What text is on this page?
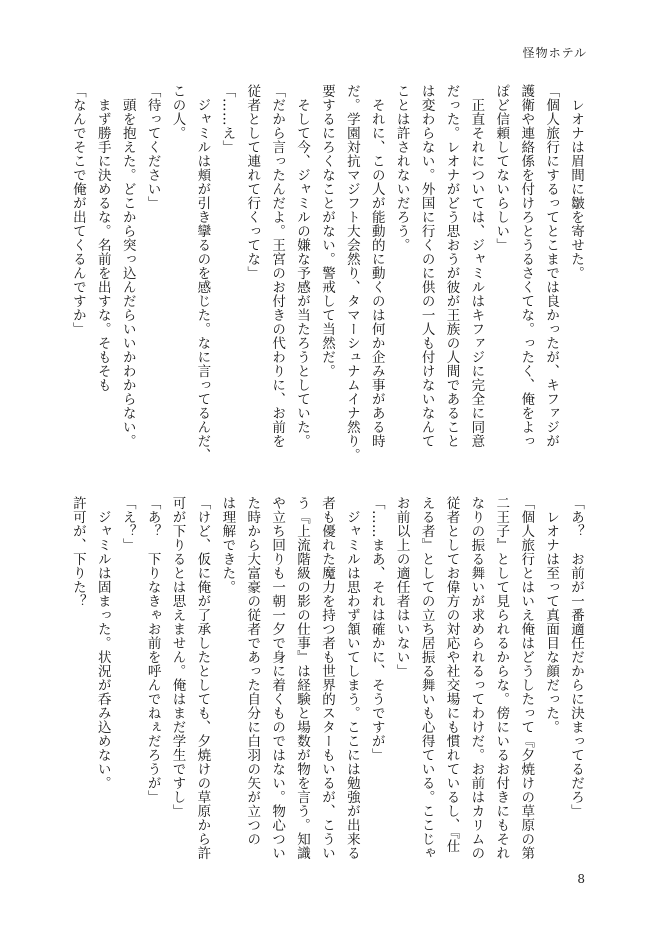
怪物ホテル

　レオナは眉間に皺を寄せた。

「個人旅行にするってとこまでは良かったが、キファジが

護衛や連絡係を付けろとうるさくてな。ったく、俺をよっ

ぽど信頼してないらしい」

　正直それについては、ジャミルはキファジに完全に同意

だった。レオナがどう思おうが彼が王族の人間であること

は変わらない。外国に行くのに供の一人も付けないなんて

ことは許されないだろう。

　それに、この人が能動的に動くのは何か企み事がある時

だ。学園対抗マジフト大会然り、タマーシュナムイナ然り。

要するにろくなことがない。警戒して当然だ。

　そして今、ジャミルの嫌な予感が当たろうとしていた。

「だから言ったんだよ。王宮のお付きの代わりに、お前を

従者として連れて行くってな」

「……え」

　ジャミルは頬が引き攣るのを感じた。なに言ってるんだ、

この人。

「待ってください」

　頭を抱えた。どこから突っ込んだらいいかわからない。

　まず勝手に決めるな。名前を出すな。そもそも

「なんでそこで俺が出てくるんですか」

「あ？　お前が一番適任だからに決まってるだろ」

　レオナは至って真面目な顔だった。

「個人旅行とはいえ俺はどうしたって『夕焼けの草原の第

二王子』として見られるからな。傍にいるお付きにもそれ

なりの振る舞いが求められるってわけだ。お前はカリムの

従者としてお偉方の対応や社交場にも慣れているし、『仕

える者』としての立ち居振る舞いも心得ている。ここじゃ

お前以上の適任者はいない」

「……まあ、それは確かに、そうですが」

　ジャミルは思わず頷いてしまう。ここには勉強が出来る

者も優れた魔力を持つ者も世界的スターもいるが、こうい

う『上流階級の影の仕事』は経験と場数が物を言う。知識

や立ち回りも一朝一夕で身に着くものではない。物心つい

た時から大富豪の従者であった自分に白羽の矢が立つの

は理解できた。

「けど、仮に俺が了承したとしても、夕焼けの草原から許

可が下りるとは思えません。俺はまだ学生ですし」

「あ？　下りなきゃお前を呼んでねぇだろうが」

「え？」

　ジャミルは固まった。状況が呑み込めない。

許可が、下りた？

8
